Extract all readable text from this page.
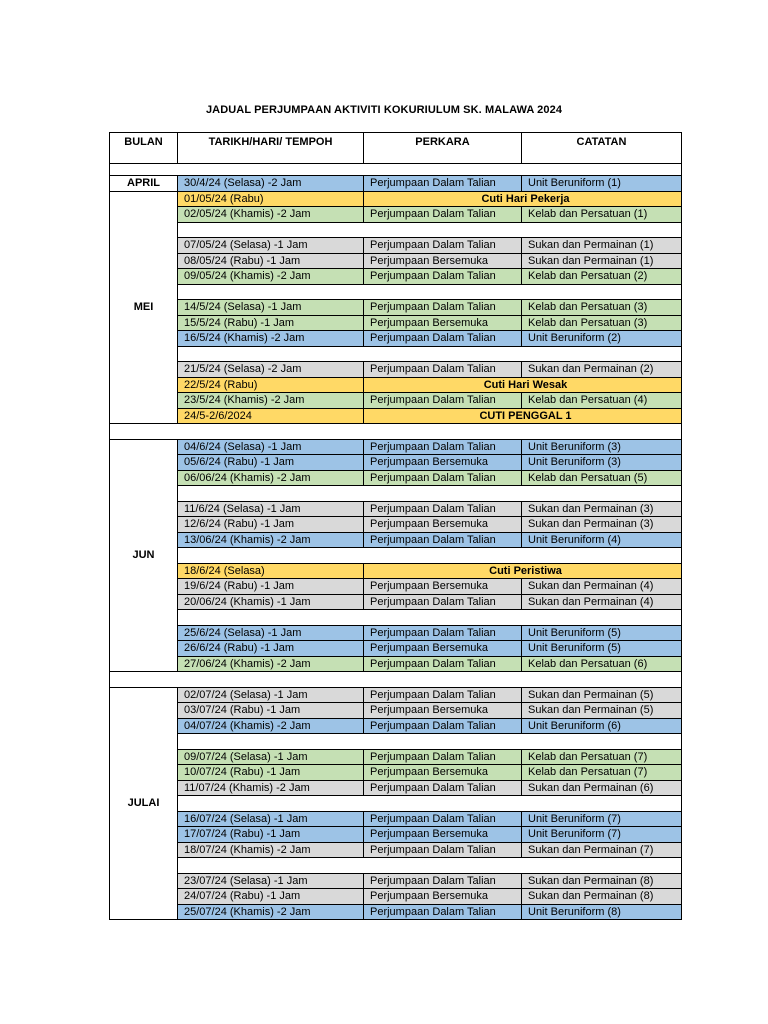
JADUAL PERJUMPAAN AKTIVITI KOKURIULUM SK. MALAWA 2024
BULAN	TARIKH/HARI/ TEMPOH	PERKARA	CATATAN

APRIL	30/4/24 (Selasa) -2 Jam	Perjumpaan Dalam Talian	Unit Beruniform (1)
MEI	01/05/24 (Rabu)	Cuti Hari Pekerja	
	02/05/24 (Khamis) -2 Jam	Perjumpaan Dalam Talian	Kelab dan Persatuan (1)

	07/05/24 (Selasa) -1 Jam	Perjumpaan Dalam Talian	Sukan dan Permainan (1)
	08/05/24 (Rabu) -1 Jam	Perjumpaan Bersemuka	Sukan dan Permainan (1)
	09/05/24 (Khamis) -2 Jam	Perjumpaan Dalam Talian	Kelab dan Persatuan (2)

	14/5/24 (Selasa) -1 Jam	Perjumpaan Dalam Talian	Kelab dan Persatuan (3)
	15/5/24 (Rabu) -1 Jam	Perjumpaan Bersemuka	Kelab dan Persatuan (3)
	16/5/24 (Khamis) -2 Jam	Perjumpaan Dalam Talian	Unit Beruniform (2)

	21/5/24 (Selasa) -2 Jam	Perjumpaan Dalam Talian	Sukan dan Permainan (2)
	22/5/24 (Rabu)	Cuti Hari Wesak	
	23/5/24 (Khamis) -2 Jam	Perjumpaan Dalam Talian	Kelab dan Persatuan (4)
	24/5-2/6/2024	CUTI PENGGAL 1	

JUN	04/6/24 (Selasa) -1 Jam	Perjumpaan Dalam Talian	Unit Beruniform (3)
	05/6/24 (Rabu) -1 Jam	Perjumpaan Bersemuka	Unit Beruniform (3)
	06/06/24 (Khamis) -2 Jam	Perjumpaan Dalam Talian	Kelab dan Persatuan (5)

	11/6/24 (Selasa) -1 Jam	Perjumpaan Dalam Talian	Sukan dan Permainan (3)
	12/6/24 (Rabu) -1 Jam	Perjumpaan Bersemuka	Sukan dan Permainan (3)
	13/06/24 (Khamis) -2 Jam	Perjumpaan Dalam Talian	Unit Beruniform (4)

	18/6/24 (Selasa)	Cuti Peristiwa	
	19/6/24 (Rabu) -1 Jam	Perjumpaan Bersemuka	Sukan dan Permainan (4)
	20/06/24 (Khamis) -1 Jam	Perjumpaan Dalam Talian	Sukan dan Permainan (4)

	25/6/24 (Selasa) -1 Jam	Perjumpaan Dalam Talian	Unit Beruniform (5)
	26/6/24 (Rabu) -1 Jam	Perjumpaan Bersemuka	Unit Beruniform (5)
	27/06/24 (Khamis) -2 Jam	Perjumpaan Dalam Talian	Kelab dan Persatuan (6)

JULAI	02/07/24 (Selasa) -1 Jam	Perjumpaan Dalam Talian	Sukan dan Permainan (5)
	03/07/24 (Rabu) -1 Jam	Perjumpaan Bersemuka	Sukan dan Permainan (5)
	04/07/24 (Khamis) -2 Jam	Perjumpaan Dalam Talian	Unit Beruniform (6)

	09/07/24 (Selasa) -1 Jam	Perjumpaan Dalam Talian	Kelab dan Persatuan (7)
	10/07/24 (Rabu) -1 Jam	Perjumpaan Bersemuka	Kelab dan Persatuan (7)
	11/07/24 (Khamis) -2 Jam	Perjumpaan Dalam Talian	Sukan dan Permainan (6)

	16/07/24 (Selasa) -1 Jam	Perjumpaan Dalam Talian	Unit Beruniform (7)
	17/07/24 (Rabu) -1 Jam	Perjumpaan Bersemuka	Unit Beruniform (7)
	18/07/24 (Khamis) -2 Jam	Perjumpaan Dalam Talian	Sukan dan Permainan (7)

	23/07/24 (Selasa) -1 Jam	Perjumpaan Dalam Talian	Sukan dan Permainan (8)
	24/07/24 (Rabu) -1 Jam	Perjumpaan Bersemuka	Sukan dan Permainan (8)
	25/07/24 (Khamis) -2 Jam	Perjumpaan Dalam Talian	Unit Beruniform (8)
